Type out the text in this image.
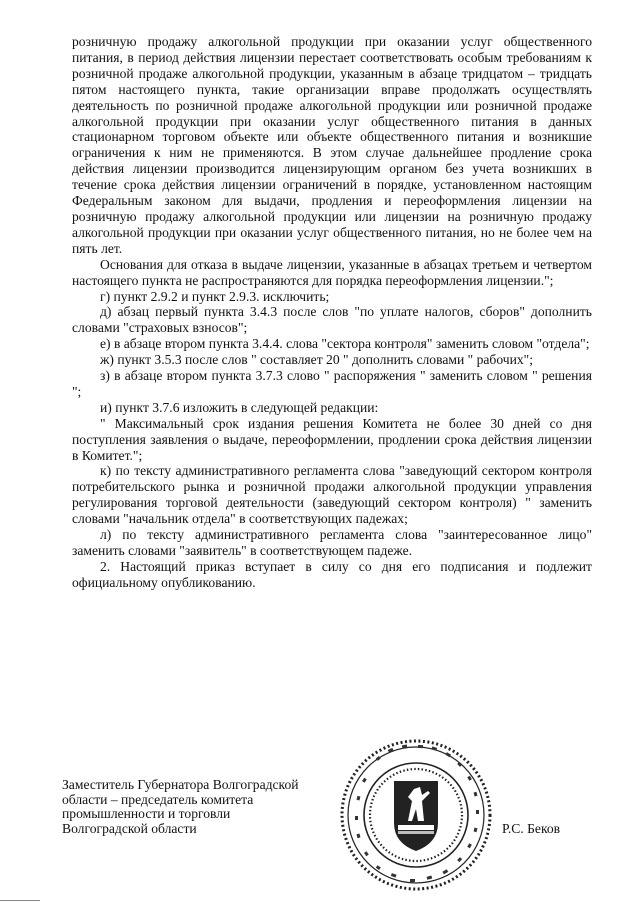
розничную продажу алкогольной продукции при оказании услуг общественного питания, в период действия лицензии перестает соответствовать особым требованиям к розничной продаже алкогольной продукции, указанным в абзаце тридцатом – тридцать пятом настоящего пункта, такие организации вправе продолжать осуществлять деятельность по розничной продаже алкогольной продукции или розничной продаже алкогольной продукции при оказании услуг общественного питания в данных стационарном торговом объекте или объекте общественного питания и возникшие ограничения к ним не применяются. В этом случае дальнейшее продление срока действия лицензии производится лицензирующим органом без учета возникших в течение срока действия лицензии ограничений в порядке, установленном настоящим Федеральным законом для выдачи, продления и переоформления лицензии на розничную продажу алкогольной продукции или лицензии на розничную продажу алкогольной продукции при оказании услуг общественного питания, но не более чем на пять лет.

Основания для отказа в выдаче лицензии, указанные в абзацах третьем и четвертом настоящего пункта не распространяются для порядка переоформления лицензии.";

г) пункт 2.9.2 и пункт 2.9.3. исключить;

д) абзац первый пункта 3.4.3 после слов "по уплате налогов, сборов" дополнить словами "страховых взносов";

е) в абзаце втором пункта 3.4.4. слова "сектора контроля" заменить словом "отдела";

ж) пункт 3.5.3 после слов " составляет 20 " дополнить словами " рабочих";

з) в абзаце втором пункта 3.7.3 слово " распоряжения " заменить словом " решения ";

и) пункт 3.7.6 изложить в следующей редакции:

" Максимальный срок издания решения Комитета не более 30 дней со дня поступления заявления о выдаче, переоформлении, продлении срока действия лицензии в Комитет.";

к) по тексту административного регламента слова "заведующий сектором контроля потребительского рынка и розничной продажи алкогольной продукции управления регулирования торговой деятельности (заведующий сектором контроля) " заменить словами "начальник отдела" в соответствующих падежах;

л) по тексту административного регламента слова "заинтересованное лицо" заменить словами "заявитель" в соответствующем падеже.

2. Настоящий приказ вступает в силу со дня его подписания и подлежит официальному опубликованию.

Заместитель Губернатора Волгоградской
области – председатель комитета
промышленности и торговли
Волгоградской области	Р.С. Беков
